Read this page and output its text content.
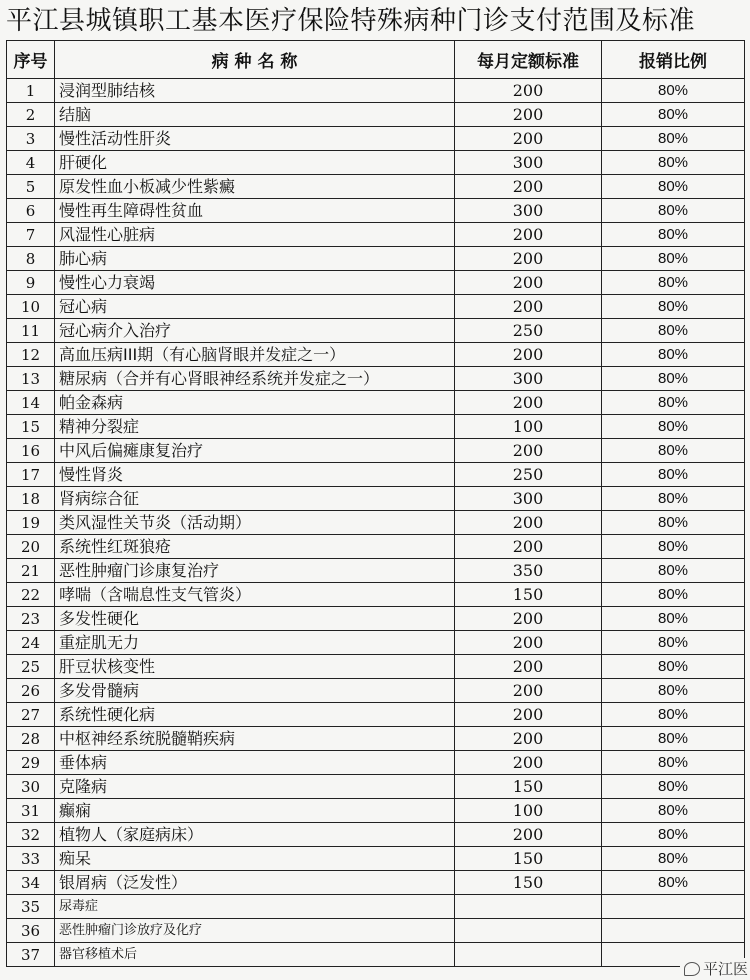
平江县城镇职工基本医疗保险特殊病种门诊支付范围及标准
序号	病 种 名 称	每月定额标准	报销比例
1	浸润型肺结核	200	80%
2	结脑	200	80%
3	慢性活动性肝炎	200	80%
4	肝硬化	300	80%
5	原发性血小板减少性紫癜	200	80%
6	慢性再生障碍性贫血	300	80%
7	风湿性心脏病	200	80%
8	肺心病	200	80%
9	慢性心力衰竭	200	80%
10	冠心病	200	80%
11	冠心病介入治疗	250	80%
12	高血压病III期（有心脑肾眼并发症之一）	200	80%
13	糖尿病（合并有心肾眼神经系统并发症之一）	300	80%
14	帕金森病	200	80%
15	精神分裂症	100	80%
16	中风后偏瘫康复治疗	200	80%
17	慢性肾炎	250	80%
18	肾病综合征	300	80%
19	类风湿性关节炎（活动期）	200	80%
20	系统性红斑狼疮	200	80%
21	恶性肿瘤门诊康复治疗	350	80%
22	哮喘（含喘息性支气管炎）	150	80%
23	多发性硬化	200	80%
24	重症肌无力	200	80%
25	肝豆状核变性	200	80%
26	多发骨髓病	200	80%
27	系统性硬化病	200	80%
28	中枢神经系统脱髓鞘疾病	200	80%
29	垂体病	200	80%
30	克隆病	150	80%
31	癫痫	100	80%
32	植物人（家庭病床）	200	80%
33	痴呆	150	80%
34	银屑病（泛发性）	150	80%
35	尿毒症		
36	恶性肿瘤门诊放疗及化疗		
37	器官移植术后		
平江医
